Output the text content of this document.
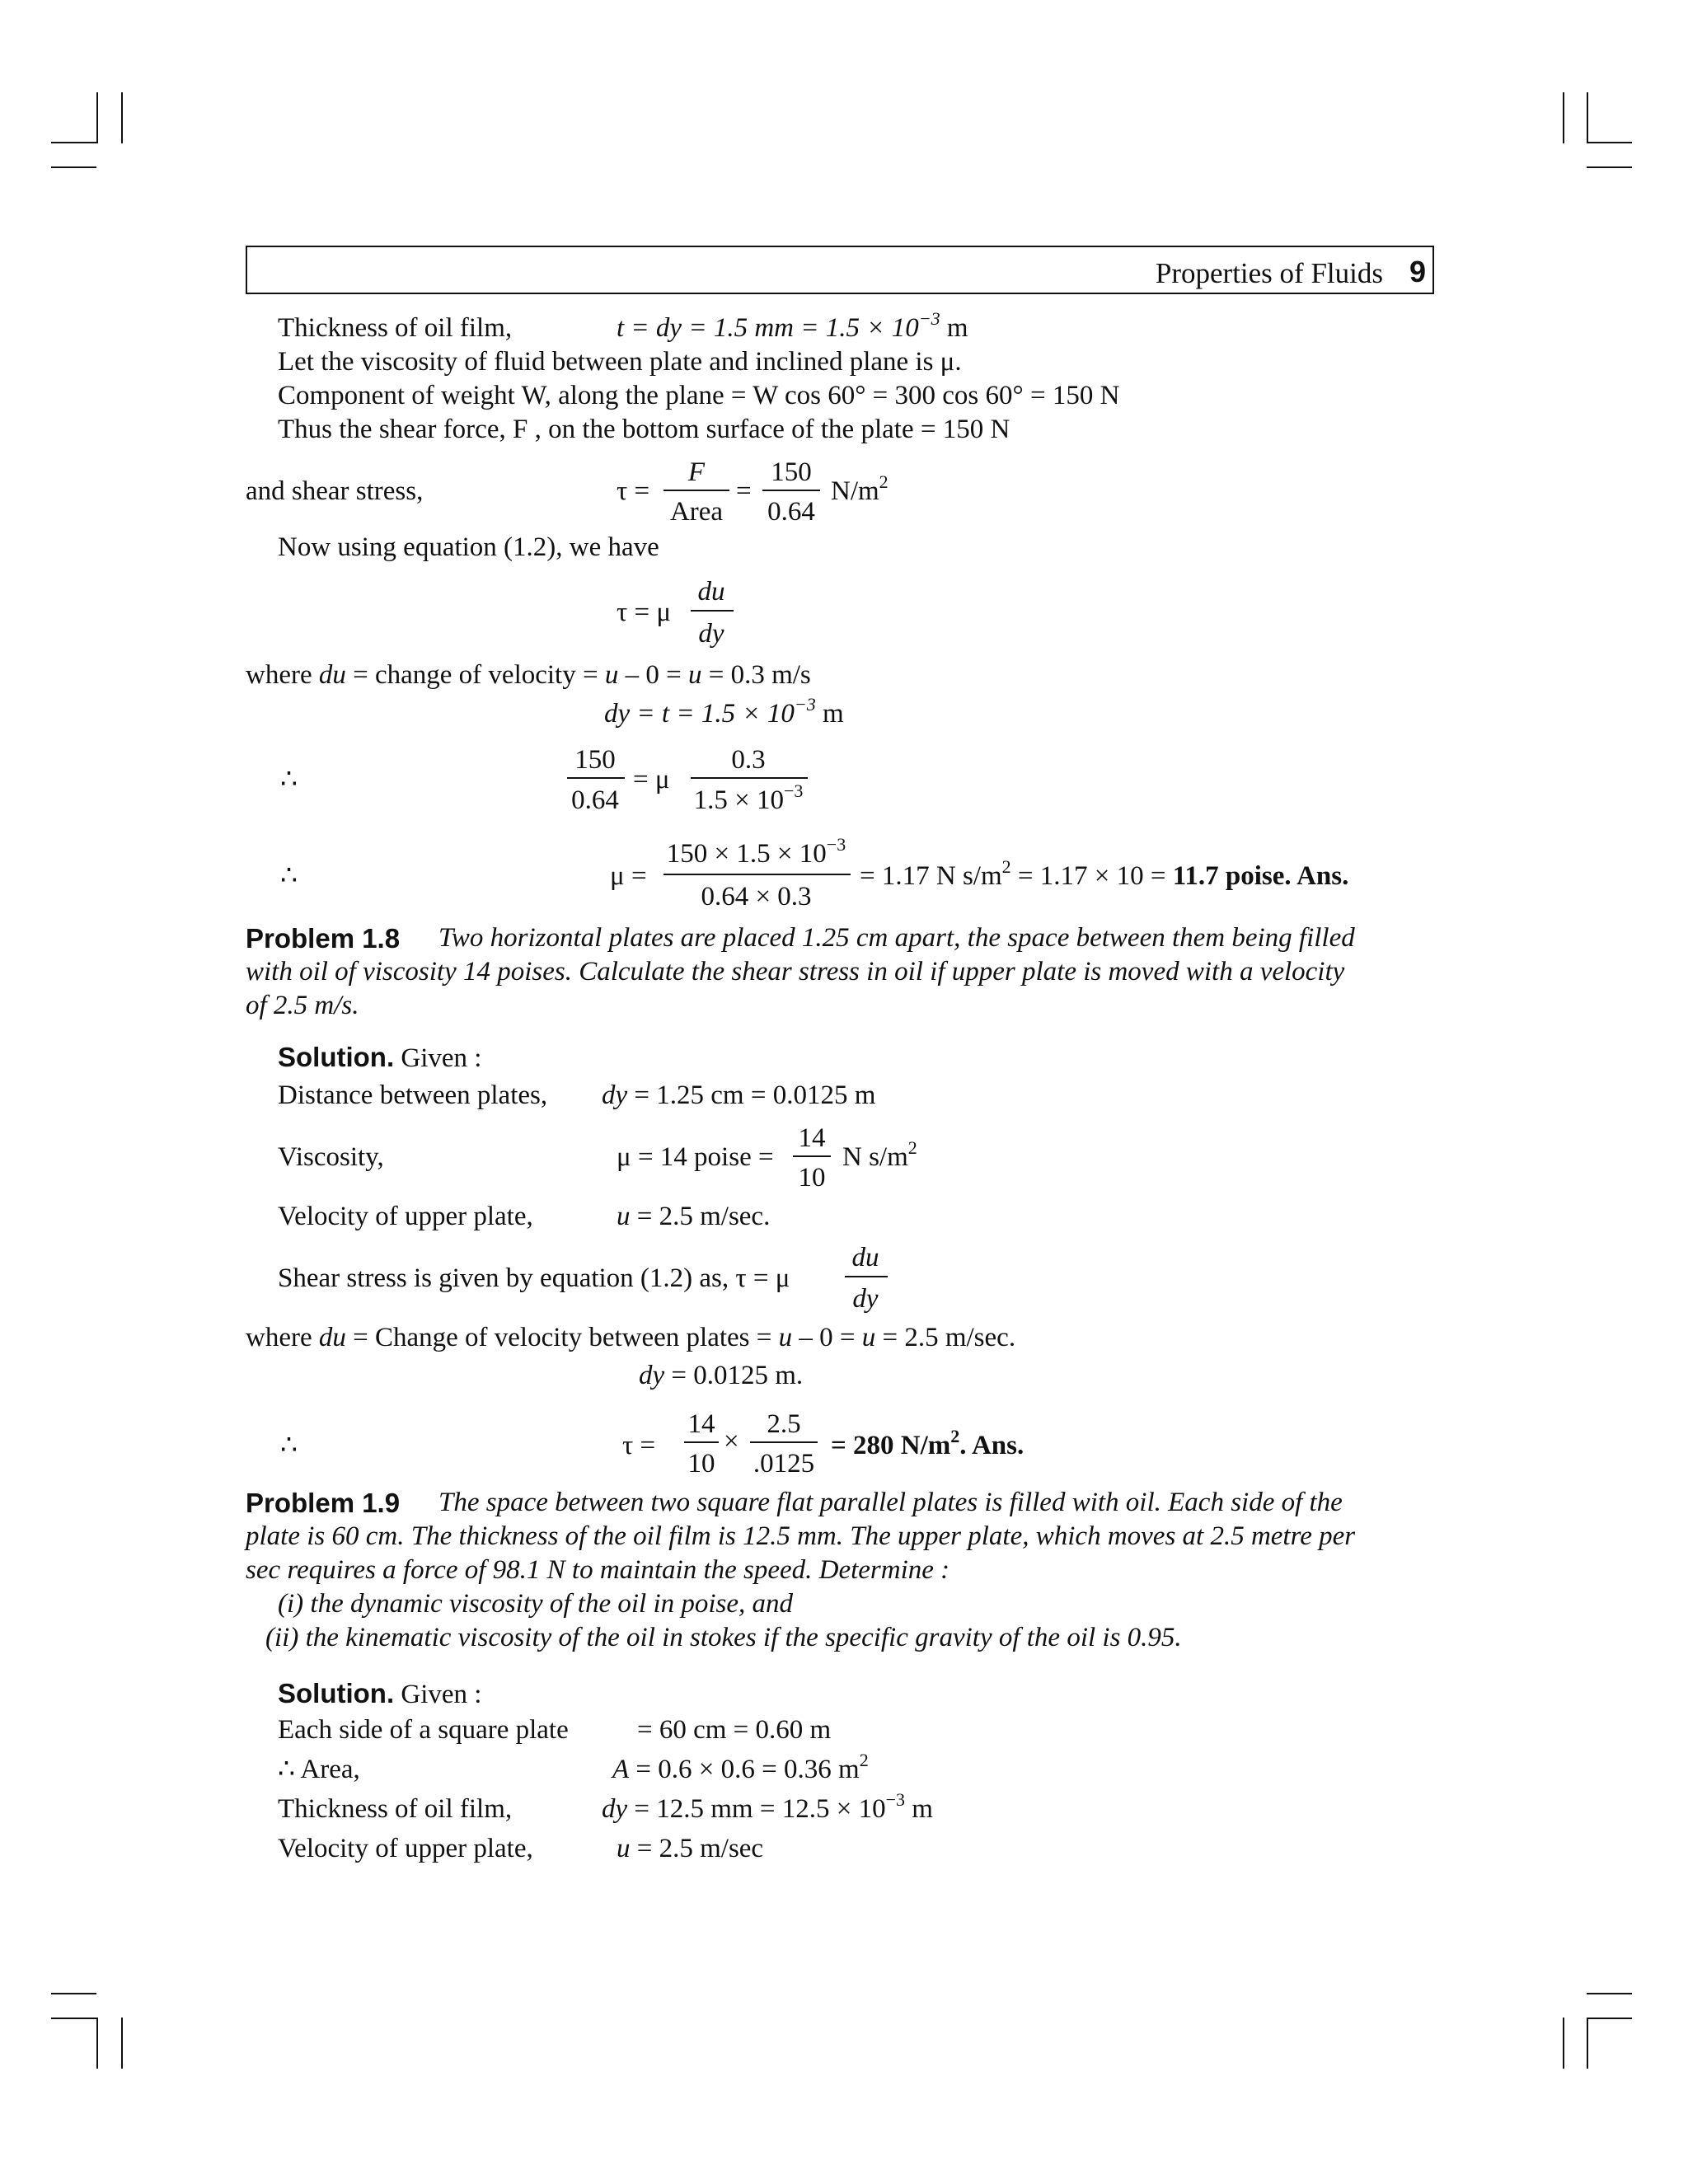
Properties of Fluids 9
Thickness of oil film,	t = dy = 1.5 mm = $1.5 \times 10^{-3}$ m
Let the viscosity of fluid between plate and inclined plane is μ.
Component of weight W, along the plane = W cos 60° = 300 cos 60° = 150 N
Thus the shear force, F , on the bottom surface of the plate = 150 N
and shear stress,	τ =
F
Area
=
150
0.64
$N/m^2$
Now using equation (1.2), we have
τ = μ
du
dy
where du = change of velocity = u – 0 = u = 0.3 m/s
dy = $t = 1.5 \times 10^{-3}$ m
∴
150
0.64
= μ
0.3
$1.5 \times 10^{-3}$
∴	μ =
$150 \times 1.5 \times 10^{-3}$
0.64 × 0.3
= 1.17 N $s/m^2 = 1.17 \times 10 = 11.7$ poise. Ans.
Problem 1.8 Two horizontal plates are placed 1.25 cm apart, the space between them being filled
with oil of viscosity 14 poises. Calculate the shear stress in oil if upper plate is moved with a velocity
of 2.5 m/s.
Solution. Given :
Distance between plates, dy = 1.25 cm = 0.0125 m
Viscosity,	μ = 14 poise =
14
10
N $s/m^2$
Velocity of upper plate,	u = 2.5 m/sec.
Shear stress is given by equation (1.2) as, τ = μ
du
dy
where du = Change of velocity between plates = u – 0 = u = 2.5 m/sec.
dy = 0.0125 m.
∴	τ =
14
10
×
2.5
.0125
= 280 $N/m^2$. Ans.
Problem 1.9 The space between two square flat parallel plates is filled with oil. Each side of the
plate is 60 cm. The thickness of the oil film is 12.5 mm. The upper plate, which moves at 2.5 metre per
sec requires a force of 98.1 N to maintain the speed. Determine :
(i) the dynamic viscosity of the oil in poise, and
(ii) the kinematic viscosity of the oil in stokes if the specific gravity of the oil is 0.95.
Solution. Given :
Each side of a square plate	= 60 cm = 0.60 m
∴ Area,	A = 0.6 × 0.6 = 0.36 $m^2$
Thickness of oil film,	dy = 12.5 mm = $12.5 \times 10^{-3}$ m
Velocity of upper plate,	u = 2.5 m/sec
